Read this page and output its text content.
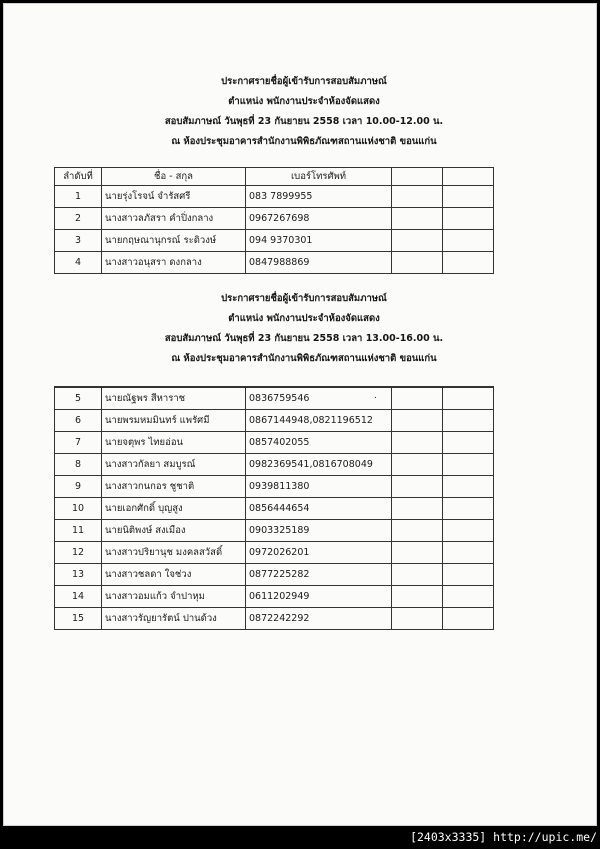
ประกาศรายชื่อผู้เข้ารับการสอบสัมภาษณ์
ตำแหน่ง พนักงานประจำห้องจัดแสดง
สอบสัมภาษณ์ วันพุธที่ 23 กันยายน 2558 เวลา 10.00-12.00 น.
ณ ห้องประชุมอาคารสำนักงานพิพิธภัณฑสถานแห่งชาติ ขอนแก่น
ลำดับที่	ชื่อ - สกุล	เบอร์โทรศัพท์		
1	นายรุ่งโรจน์ จำรัสศรี	083 7899955		
2	นางสาวลภัสรา คำปิ่งกลาง	0967267698		
3	นายกฤษณานุกรณ์ ระดิวงษ์	094 9370301		
4	นางสาวอนุสรา ดงกลาง	0847988869		
ประกาศรายชื่อผู้เข้ารับการสอบสัมภาษณ์
ตำแหน่ง พนักงานประจำห้องจัดแสดง
สอบสัมภาษณ์ วันพุธที่ 23 กันยายน 2558 เวลา 13.00-16.00 น.
ณ ห้องประชุมอาคารสำนักงานพิพิธภัณฑสถานแห่งชาติ ขอนแก่น
5	นายณัฐพร สีหาราช	0836759546 .		

6	นายพรมหมมินทร์ แพรัศมี	0867144948,0821196512		
7	นายจตุพร ไทยอ่อน	0857402055		
8	นางสาวกัลยา สมบูรณ์	0982369541,0816708049		
9	นางสาวกนกอร ชูชาติ	0939811380		
10	นายเอกศักดิ์ บุญสูง	0856444654		
11	นายนิติพงษ์ สงเมือง	0903325189		
12	นางสาวปริยานุช มงคลสวัสดิ์	0972026201		
13	นางสาวชลดา ใจช่วง	0877225282		
14	นางสาวอมแก้ว จำปาหุม	0611202949		
15	นางสาวรัญยารัตน์ ปานด้วง	0872242292		
[2403x3335] http://upic.me/
